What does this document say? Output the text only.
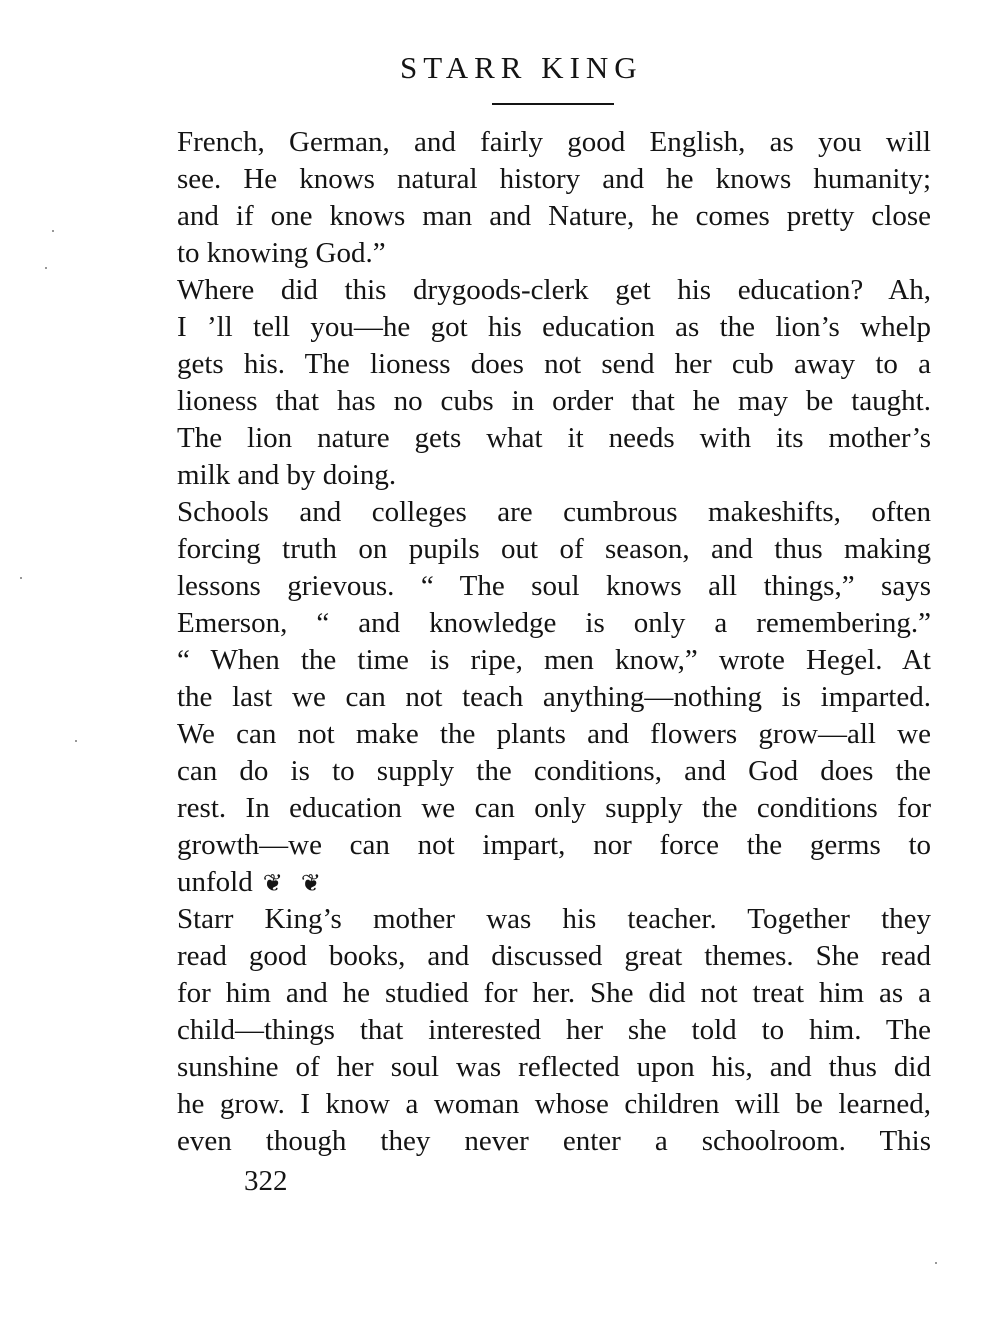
STARR KING
French, German, and fairly good English, as you will
see. He knows natural history and he knows humanity;
and if one knows man and Nature, he comes pretty close
to knowing God.”
Where did this drygoods-clerk get his education? Ah,
I ’ll tell you—he got his education as the lion’s whelp
gets his. The lioness does not send her cub away to a
lioness that has no cubs in order that he may be taught.
The lion nature gets what it needs with its mother’s
milk and by doing.
Schools and colleges are cumbrous makeshifts, often
forcing truth on pupils out of season, and thus making
lessons grievous. “ The soul knows all things,” says
Emerson, “ and knowledge is only a remembering.”
“ When the time is ripe, men know,” wrote Hegel. At
the last we can not teach anything—nothing is imparted.
We can not make the plants and flowers grow—all we
can do is to supply the conditions, and God does the
rest. In education we can only supply the conditions for
growth—we can not impart, nor force the germs to
unfold ❦ ❦
Starr King’s mother was his teacher. Together they
read good books, and discussed great themes. She read
for him and he studied for her. She did not treat him as a
child—things that interested her she told to him. The
sunshine of her soul was reflected upon his, and thus did
he grow. I know a woman whose children will be learned,
even though they never enter a schoolroom. This
322
